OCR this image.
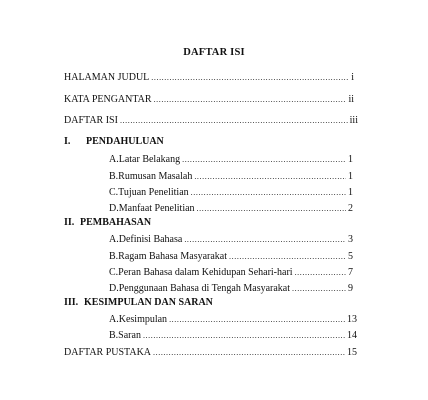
DAFTAR ISI
HALAMAN JUDUL .....	i
KATA PENGANTAR .....	ii
DAFTAR ISI .....	iii
I. PENDAHULUAN
A. Latar Belakang .....	1
B. Rumusan Masalah .....	1
C. Tujuan Penelitian .....	1
D. Manfaat Penelitian .....	2
II. PEMBAHASAN
A. Definisi Bahasa .....	3
B. Ragam Bahasa Masyarakat .....	5
C. Peran Bahasa dalam Kehidupan Sehari-hari .....	7
D. Penggunaan Bahasa di Tengah Masyarakat .....	9
III. KESIMPULAN DAN SARAN
A. Kesimpulan .....	13
B. Saran .....	14
DAFTAR PUSTAKA .....	15
